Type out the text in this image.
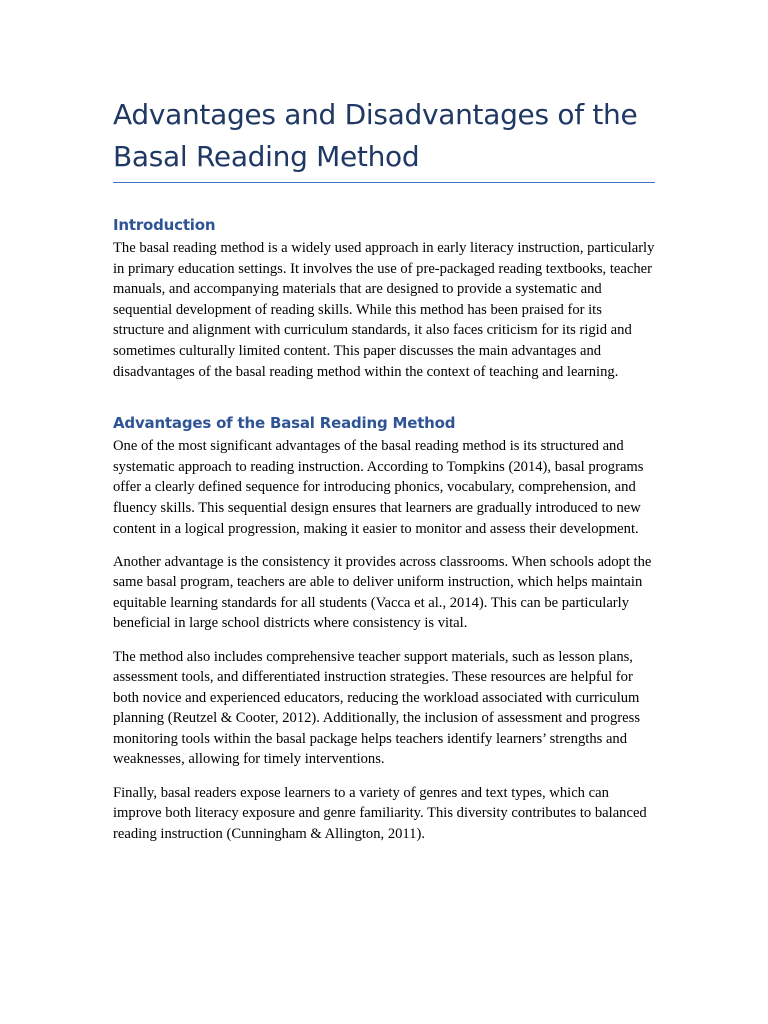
Advantages and Disadvantages of the Basal Reading Method
Introduction

The basal reading method is a widely used approach in early literacy instruction, particularly in primary education settings. It involves the use of pre-packaged reading textbooks, teacher manuals, and accompanying materials that are designed to provide a systematic and sequential development of reading skills. While this method has been praised for its structure and alignment with curriculum standards, it also faces criticism for its rigid and sometimes culturally limited content. This paper discusses the main advantages and disadvantages of the basal reading method within the context of teaching and learning.

Advantages of the Basal Reading Method

One of the most significant advantages of the basal reading method is its structured and systematic approach to reading instruction. According to Tompkins (2014), basal programs offer a clearly defined sequence for introducing phonics, vocabulary, comprehension, and fluency skills. This sequential design ensures that learners are gradually introduced to new content in a logical progression, making it easier to monitor and assess their development.

Another advantage is the consistency it provides across classrooms. When schools adopt the same basal program, teachers are able to deliver uniform instruction, which helps maintain equitable learning standards for all students (Vacca et al., 2014). This can be particularly beneficial in large school districts where consistency is vital.

The method also includes comprehensive teacher support materials, such as lesson plans, assessment tools, and differentiated instruction strategies. These resources are helpful for both novice and experienced educators, reducing the workload associated with curriculum planning (Reutzel & Cooter, 2012). Additionally, the inclusion of assessment and progress monitoring tools within the basal package helps teachers identify learners’ strengths and weaknesses, allowing for timely interventions.

Finally, basal readers expose learners to a variety of genres and text types, which can improve both literacy exposure and genre familiarity. This diversity contributes to balanced reading instruction (Cunningham & Allington, 2011).
